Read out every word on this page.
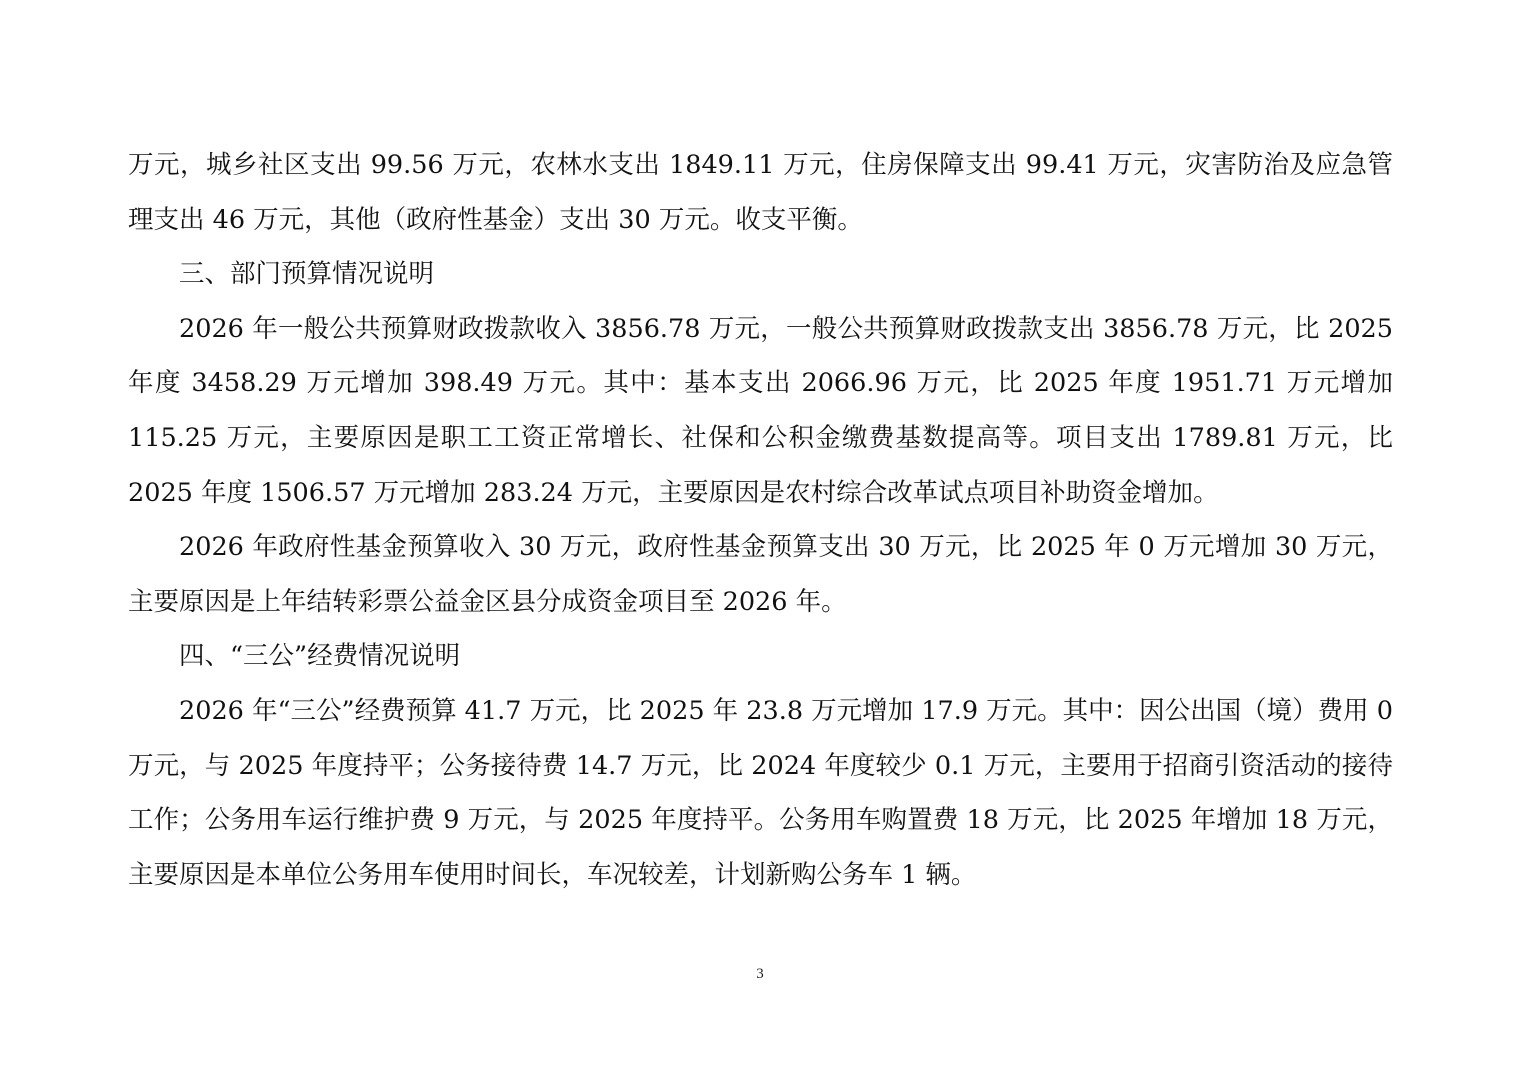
万元，城乡社区支出 99.56 万元，农林水支出 1849.11 万元，住房保障支出 99.41 万元，灾害防治及应急管理支出 46 万元，其他（政府性基金）支出 30 万元。收支平衡。

三、部门预算情况说明

2026 年一般公共预算财政拨款收入 3856.78 万元，一般公共预算财政拨款支出 3856.78 万元，比 2025 年度 3458.29 万元增加 398.49 万元。其中：基本支出 2066.96 万元，比 2025 年度 1951.71 万元增加 115.25 万元，主要原因是职工工资正常增长、社保和公积金缴费基数提高等。项目支出 1789.81 万元，比 2025 年度 1506.57 万元增加 283.24 万元，主要原因是农村综合改革试点项目补助资金增加。

2026 年政府性基金预算收入 30 万元，政府性基金预算支出 30 万元，比 2025 年 0 万元增加 30 万元，主要原因是上年结转彩票公益金区县分成资金项目至 2026 年。

四、“三公”经费情况说明

2026 年“三公”经费预算 41.7 万元，比 2025 年 23.8 万元增加 17.9 万元。其中：因公出国（境）费用 0 万元，与 2025 年度持平；公务接待费 14.7 万元，比 2024 年度较少 0.1 万元，主要用于招商引资活动的接待工作；公务用车运行维护费 9 万元，与 2025 年度持平。公务用车购置费 18 万元，比 2025 年增加 18 万元，主要原因是本单位公务用车使用时间长，车况较差，计划新购公务车 1 辆。

3
